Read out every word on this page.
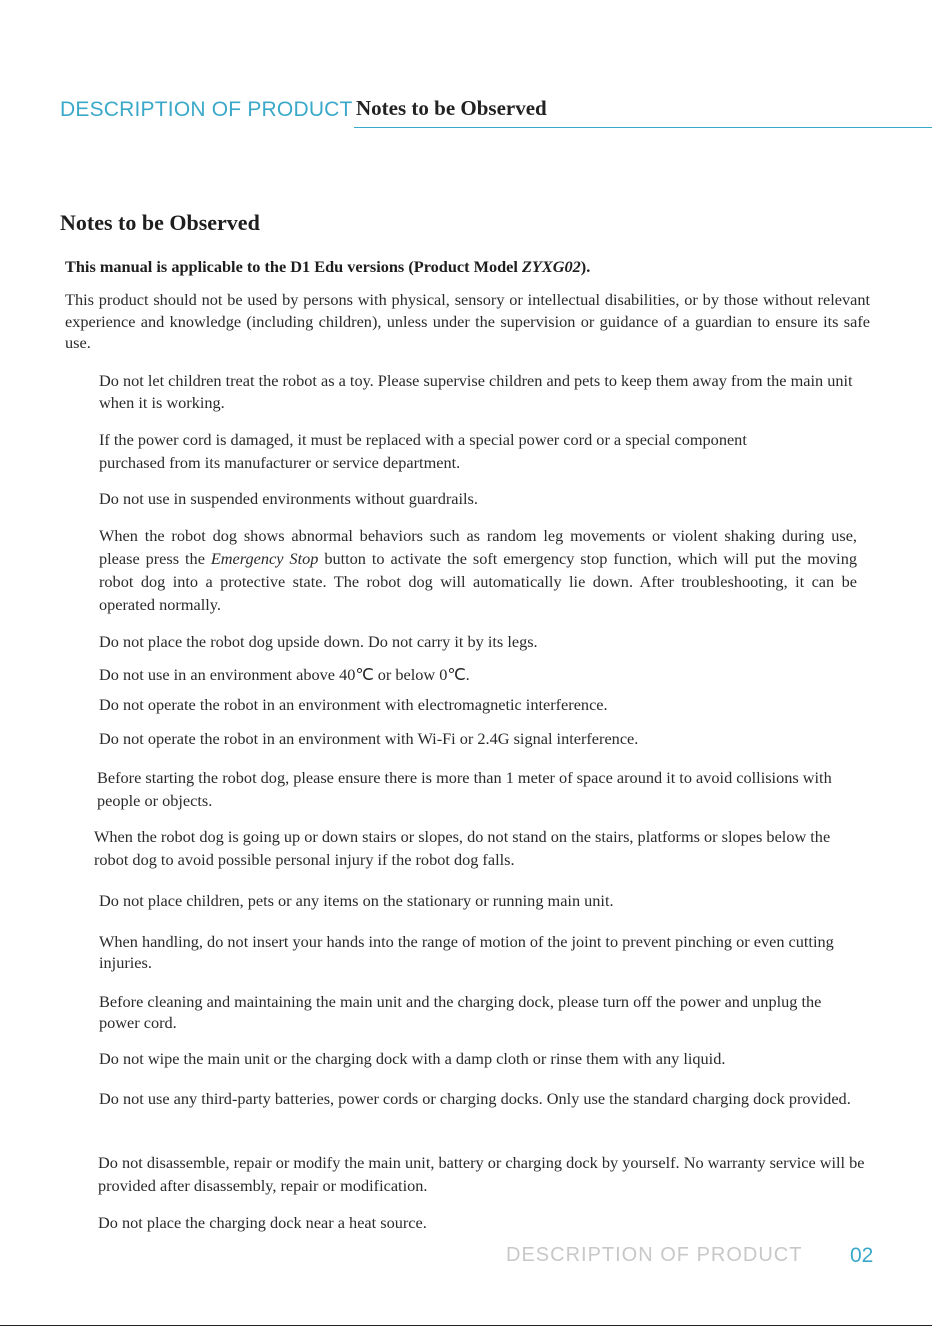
DESCRIPTION OF PRODUCT Notes to be Observed
Notes to be Observed

This manual is applicable to the D1 Edu versions (Product Model ZYXG02).

This product should not be used by persons with physical, sensory or intellectual disabilities, or by those without relevant experience and knowledge (including children), unless under the supervision or guidance of a guardian to ensure its safe use.

Do not let children treat the robot as a toy. Please supervise children and pets to keep them away from the main unit when it is working.

If the power cord is damaged, it must be replaced with a special power cord or a special component purchased from its manufacturer or service department.

Do not use in suspended environments without guardrails.

When the robot dog shows abnormal behaviors such as random leg movements or violent shaking during use, please press the Emergency Stop button to activate the soft emergency stop function, which will put the moving robot dog into a protective state. The robot dog will automatically lie down. After troubleshooting, it can be operated normally.

Do not place the robot dog upside down. Do not carry it by its legs.

Do not use in an environment above 40℃ or below 0℃.

Do not operate the robot in an environment with electromagnetic interference.

Do not operate the robot in an environment with Wi-Fi or 2.4G signal interference.

Before starting the robot dog, please ensure there is more than 1 meter of space around it to avoid collisions with people or objects.

When the robot dog is going up or down stairs or slopes, do not stand on the stairs, platforms or slopes below the robot dog to avoid possible personal injury if the robot dog falls.

Do not place children, pets or any items on the stationary or running main unit.

When handling, do not insert your hands into the range of motion of the joint to prevent pinching or even cutting injuries.

Before cleaning and maintaining the main unit and the charging dock, please turn off the power and unplug the power cord.

Do not wipe the main unit or the charging dock with a damp cloth or rinse them with any liquid.

Do not use any third-party batteries, power cords or charging docks. Only use the standard charging dock provided.

Do not disassemble, repair or modify the main unit, battery or charging dock by yourself. No warranty service will be provided after disassembly, repair or modification.

Do not place the charging dock near a heat source.

DESCRIPTION OF PRODUCT 02
